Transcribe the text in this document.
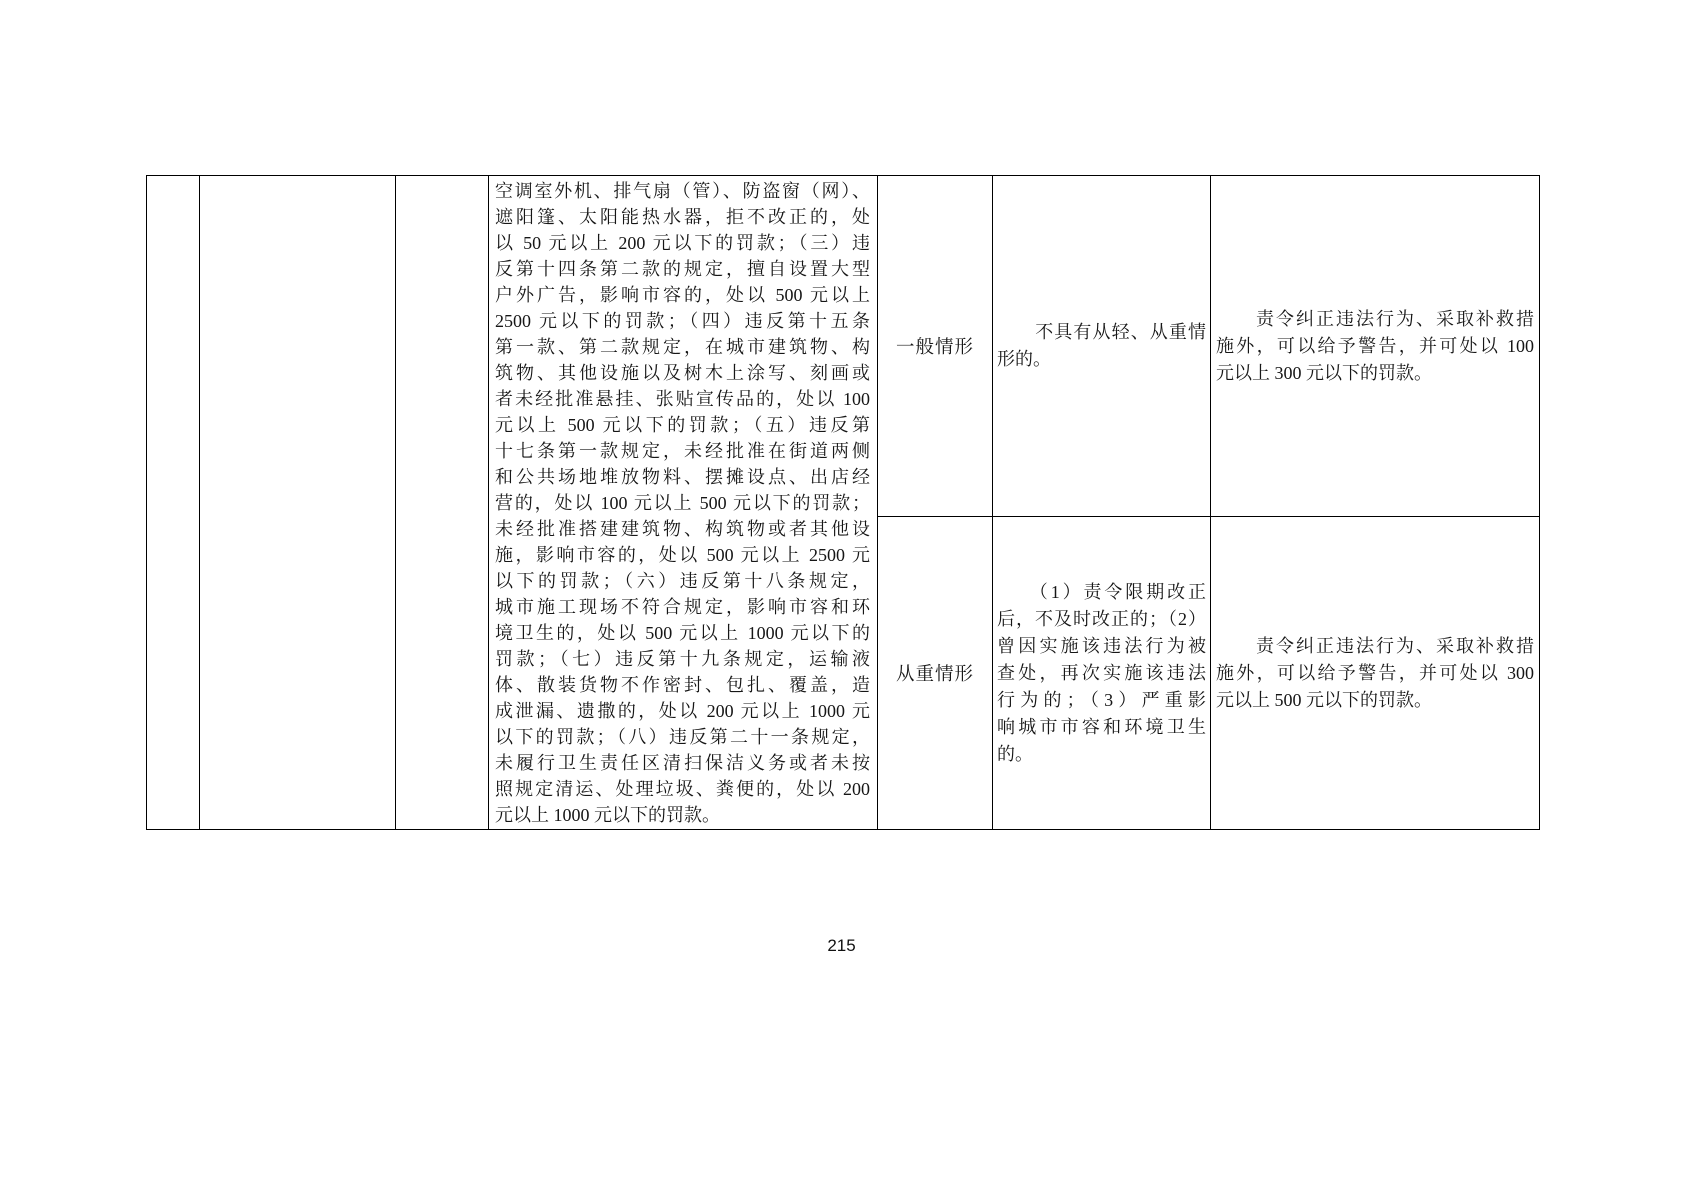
空调室外机、排气扇（管）、防盗窗（网）、
遮阳篷、太阳能热水器，拒不改正的，处
以 50 元以上 200 元以下的罚款；（三）违
反第十四条第二款的规定，擅自设置大型
户外广告，影响市容的，处以 500 元以上
2500 元以下的罚款；（四）违反第十五条
第一款、第二款规定，在城市建筑物、构
筑物、其他设施以及树木上涂写、刻画或
者未经批准悬挂、张贴宣传品的，处以 100
元以上 500 元以下的罚款；（五）违反第
十七条第一款规定，未经批准在街道两侧
和公共场地堆放物料、摆摊设点、出店经
营的，处以 100 元以上 500 元以下的罚款；
未经批准搭建建筑物、构筑物或者其他设
施，影响市容的，处以 500 元以上 2500 元
以下的罚款；（六）违反第十八条规定，
城市施工现场不符合规定，影响市容和环
境卫生的，处以 500 元以上 1000 元以下的
罚款；（七）违反第十九条规定，运输液
体、散装货物不作密封、包扎、覆盖，造
成泄漏、遗撒的，处以 200 元以上 1000 元
以下的罚款；（八）违反第二十一条规定，
未履行卫生责任区清扫保洁义务或者未按
照规定清运、处理垃圾、粪便的，处以 200
元以上 1000 元以下的罚款。
一般情形
　　不具有从轻、从重情
形的。
　　责令纠正违法行为、采取补救措
施外，可以给予警告，并可处以 100
元以上 300 元以下的罚款。
从重情形
　　（1）责令限期改正
后，不及时改正的；（2）
曾因实施该违法行为被
查处，再次实施该违法
行为的；（3）严重影
响城市市容和环境卫生
的。
　　责令纠正违法行为、采取补救措
施外，可以给予警告，并可处以 300
元以上 500 元以下的罚款。
215
